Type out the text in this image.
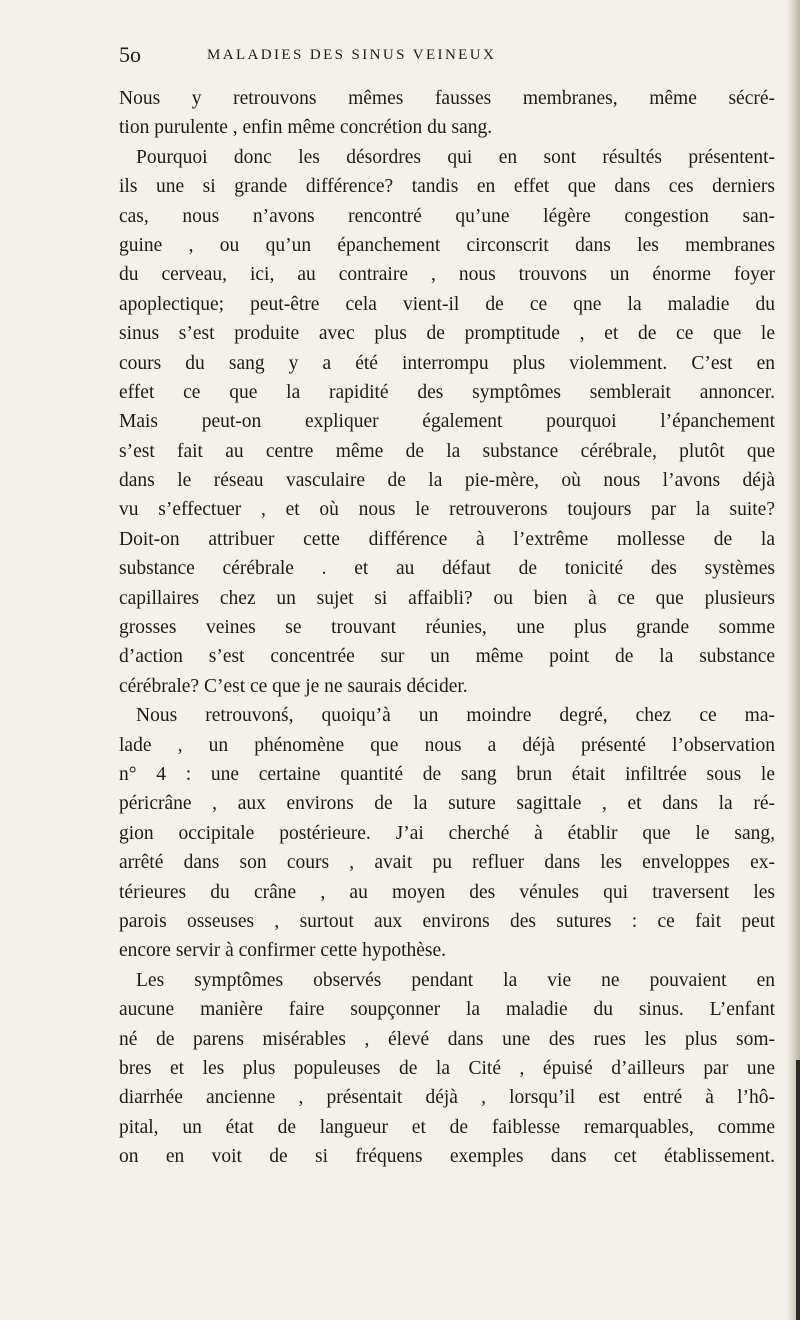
5o	MALADIES DES SINUS VEINEUX
Nous y retrouvons mêmes fausses membranes, même sécré-
tion purulente , enfin même concrétion du sang.
Pourquoi donc les désordres qui en sont résultés présentent-
ils une si grande différence? tandis en effet que dans ces derniers
cas, nous n’avons rencontré qu’une légère congestion san-
guine , ou qu’un épanchement circonscrit dans les membranes
du cerveau, ici, au contraire , nous trouvons un énorme foyer
apoplectique; peut-être cela vient-il de ce qne la maladie du
sinus s’est produite avec plus de promptitude , et de ce que le
cours du sang y a été interrompu plus violemment. C’est en
effet ce que la rapidité des symptômes semblerait annoncer.
Mais peut-on expliquer également pourquoi l’épanchement
s’est fait au centre même de la substance cérébrale, plutôt que
dans le réseau vasculaire de la pie-mère, où nous l’avons déjà
vu s’effectuer , et où nous le retrouverons toujours par la suite?
Doit-on attribuer cette différence à l’extrême mollesse de la
substance cérébrale . et au défaut de tonicité des systèmes
capillaires chez un sujet si affaibli? ou bien à ce que plusieurs
grosses veines se trouvant réunies, une plus grande somme
d’action s’est concentrée sur un même point de la substance
cérébrale? C’est ce que je ne saurais décider.
Nous retrouvonś, quoiqu’à un moindre degré, chez ce ma-
lade , un phénomène que nous a déjà présenté l’observation
n° 4 : une certaine quantité de sang brun était infiltrée sous le
péricrâne , aux environs de la suture sagittale , et dans la ré-
gion occipitale postérieure. J’ai cherché à établir que le sang,
arrêté dans son cours , avait pu refluer dans les enveloppes ex-
térieures du crâne , au moyen des vénules qui traversent les
parois osseuses , surtout aux environs des sutures : ce fait peut
encore servir à confirmer cette hypothèse.
Les symptômes observés pendant la vie ne pouvaient en
aucune manière faire soupçonner la maladie du sinus. L’enfant
né de parens misérables , élevé dans une des rues les plus som-
bres et les plus populeuses de la Cité , épuisé d’ailleurs par une
diarrhée ancienne , présentait déjà , lorsqu’il est entré à l’hô-
pital, un état de langueur et de faiblesse remarquables, comme
on en voit de si fréquens exemples dans cet établissement.
